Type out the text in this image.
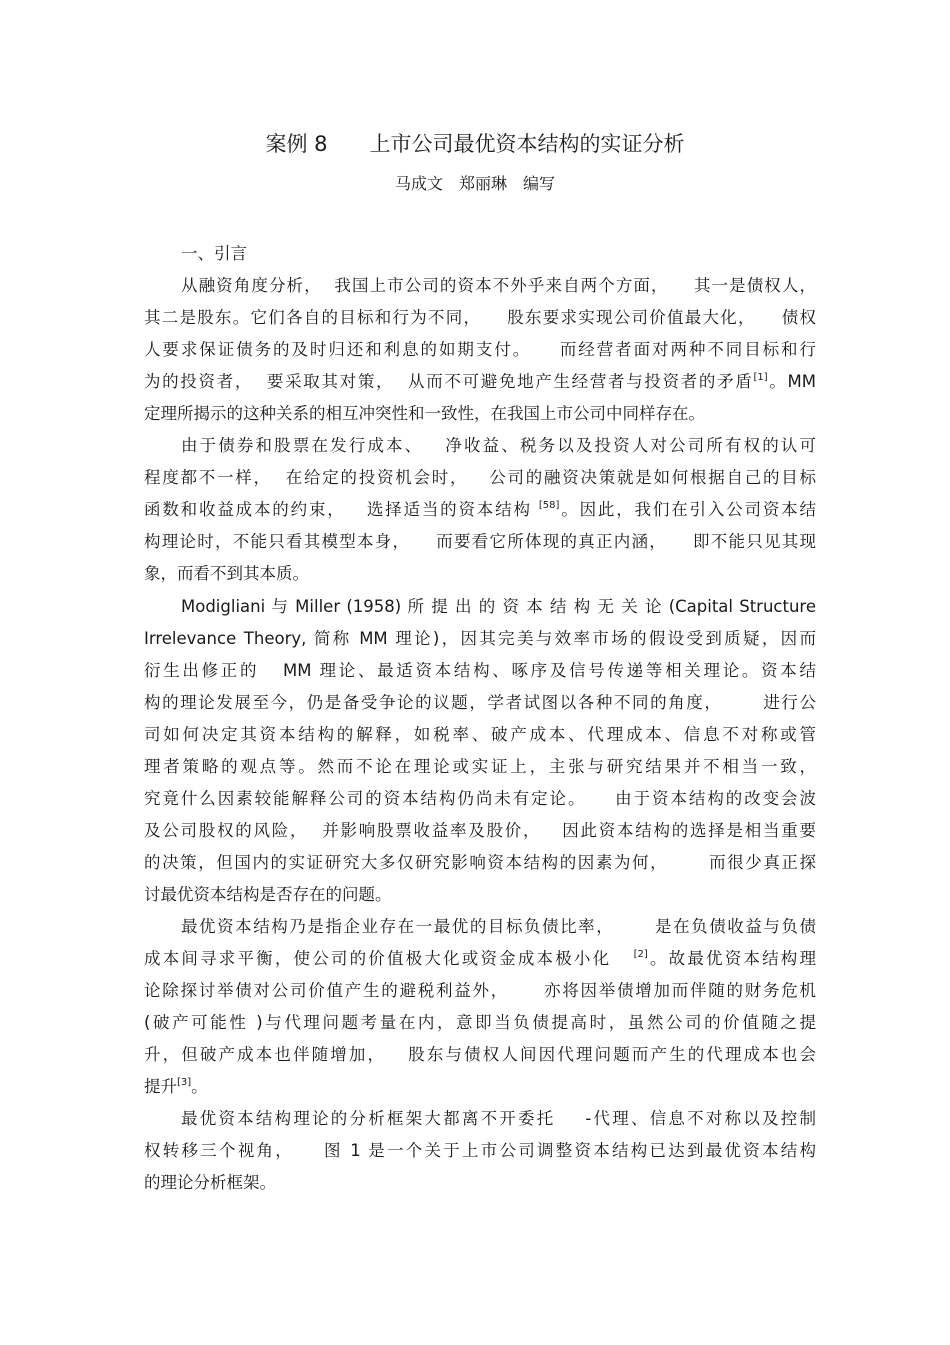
案例 8　　上市公司最优资本结构的实证分析
马成文　郑丽琳　编写
一、引言
从融资角度分析，  我国上市公司的资本不外乎来自两个方面，    其一是债权人，
其二是股东。它们各自的目标和行为不同，    股东要求实现公司价值最大化，    债权
人要求保证债务的及时归还和利息的如期支付。    而经营者面对两种不同目标和行
为的投资者，  要采取其对策，  从而不可避免地产生经营者与投资者的矛盾[1]。MM
定理所揭示的这种关系的相互冲突性和一致性，在我国上市公司中同样存在。
由于债券和股票在发行成本、   净收益、税务以及投资人对公司所有权的认可
程度都不一样，  在给定的投资机会时，   公司的融资决策就是如何根据自己的目标
函数和收益成本的约束，   选择适当的资本结构 [58]。因此，我们在引入公司资本结
构理论时，不能只看其模型本身，    而要看它所体现的真正内涵，    即不能只见其现
象，而看不到其本质。
Modigliani 与 Miller (1958) 所 提 出 的 资 本 结 构 无 关 论 (Capital Structure
Irrelevance Theory, 简称 MM 理论)，因其完美与效率市场的假设受到质疑，因而
衍生出修正的   MM 理论、最适资本结构、啄序及信号传递等相关理论。资本结
构的理论发展至今，仍是备受争论的议题，学者试图以各种不同的角度，      进行公
司如何决定其资本结构的解释，如税率、破产成本、代理成本、信息不对称或管
理者策略的观点等。然而不论在理论或实证上，主张与研究结果并不相当一致，
究竟什么因素较能解释公司的资本结构仍尚未有定论。    由于资本结构的改变会波
及公司股权的风险，  并影响股票收益率及股价，   因此资本结构的选择是相当重要
的决策，但国内的实证研究大多仅研究影响资本结构的因素为何，      而很少真正探
讨最优资本结构是否存在的问题。
最优资本结构乃是指企业存在一最优的目标负债比率，      是在负债收益与负债
成本间寻求平衡，使公司的价值极大化或资金成本极小化   [2]。故最优资本结构理
论除探讨举债对公司价值产生的避税利益外，     亦将因举债增加而伴随的财务危机
(破产可能性 )与代理问题考量在内，意即当负债提高时，虽然公司的价值随之提
升，但破产成本也伴随增加，   股东与债权人间因代理问题而产生的代理成本也会
提升[3]。
最优资本结构理论的分析框架大都离不开委托    -代理、信息不对称以及控制
权转移三个视角，    图 1 是一个关于上市公司调整资本结构已达到最优资本结构
的理论分析框架。
